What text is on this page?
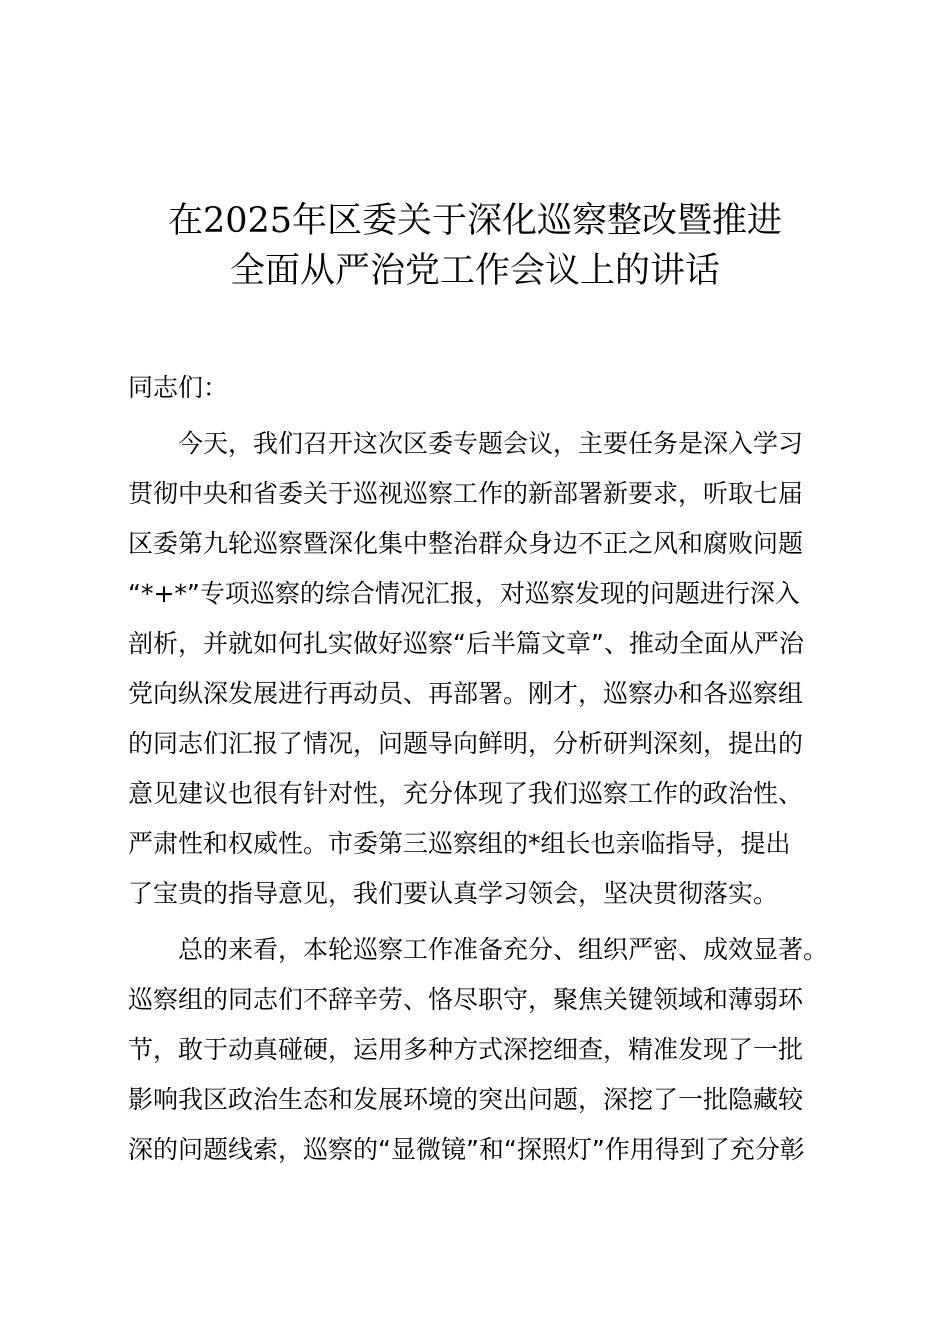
在2025年区委关于深化巡察整改暨推进
全面从严治党工作会议上的讲话
同志们：
今天，我们召开这次区委专题会议，主要任务是深入学习
贯彻中央和省委关于巡视巡察工作的新部署新要求，听取七届
区委第九轮巡察暨深化集中整治群众身边不正之风和腐败问题
“*+*”专项巡察的综合情况汇报，对巡察发现的问题进行深入
剖析，并就如何扎实做好巡察“后半篇文章”、推动全面从严治
党向纵深发展进行再动员、再部署。刚才，巡察办和各巡察组
的同志们汇报了情况，问题导向鲜明，分析研判深刻，提出的
意见建议也很有针对性，充分体现了我们巡察工作的政治性、
严肃性和权威性。市委第三巡察组的*组长也亲临指导，提出
了宝贵的指导意见，我们要认真学习领会，坚决贯彻落实。
总的来看，本轮巡察工作准备充分、组织严密、成效显著。
巡察组的同志们不辞辛劳、恪尽职守，聚焦关键领域和薄弱环
节，敢于动真碰硬，运用多种方式深挖细查，精准发现了一批
影响我区政治生态和发展环境的突出问题，深挖了一批隐藏较
深的问题线索，巡察的“显微镜”和“探照灯”作用得到了充分彰
